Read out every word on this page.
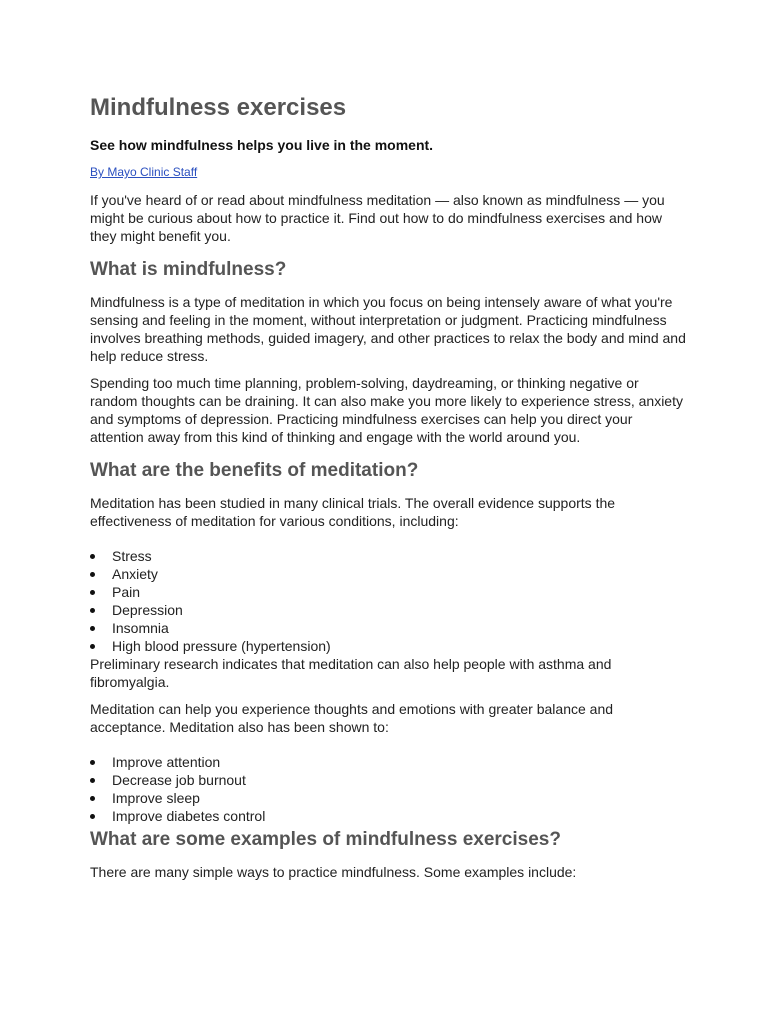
Mindfulness exercises
See how mindfulness helps you live in the moment.
By Mayo Clinic Staff

If you've heard of or read about mindfulness meditation — also known as mindfulness — you might be curious about how to practice it. Find out how to do mindfulness exercises and how they might benefit you.

What is mindfulness?

Mindfulness is a type of meditation in which you focus on being intensely aware of what you're sensing and feeling in the moment, without interpretation or judgment. Practicing mindfulness involves breathing methods, guided imagery, and other practices to relax the body and mind and help reduce stress.

Spending too much time planning, problem-solving, daydreaming, or thinking negative or random thoughts can be draining. It can also make you more likely to experience stress, anxiety and symptoms of depression. Practicing mindfulness exercises can help you direct your attention away from this kind of thinking and engage with the world around you.

What are the benefits of meditation?

Meditation has been studied in many clinical trials. The overall evidence supports the effectiveness of meditation for various conditions, including:

Stress
Anxiety
Pain
Depression
Insomnia
High blood pressure (hypertension)

Preliminary research indicates that meditation can also help people with asthma and fibromyalgia.

Meditation can help you experience thoughts and emotions with greater balance and acceptance. Meditation also has been shown to:

Improve attention
Decrease job burnout
Improve sleep
Improve diabetes control
What are some examples of mindfulness exercises?

There are many simple ways to practice mindfulness. Some examples include:
